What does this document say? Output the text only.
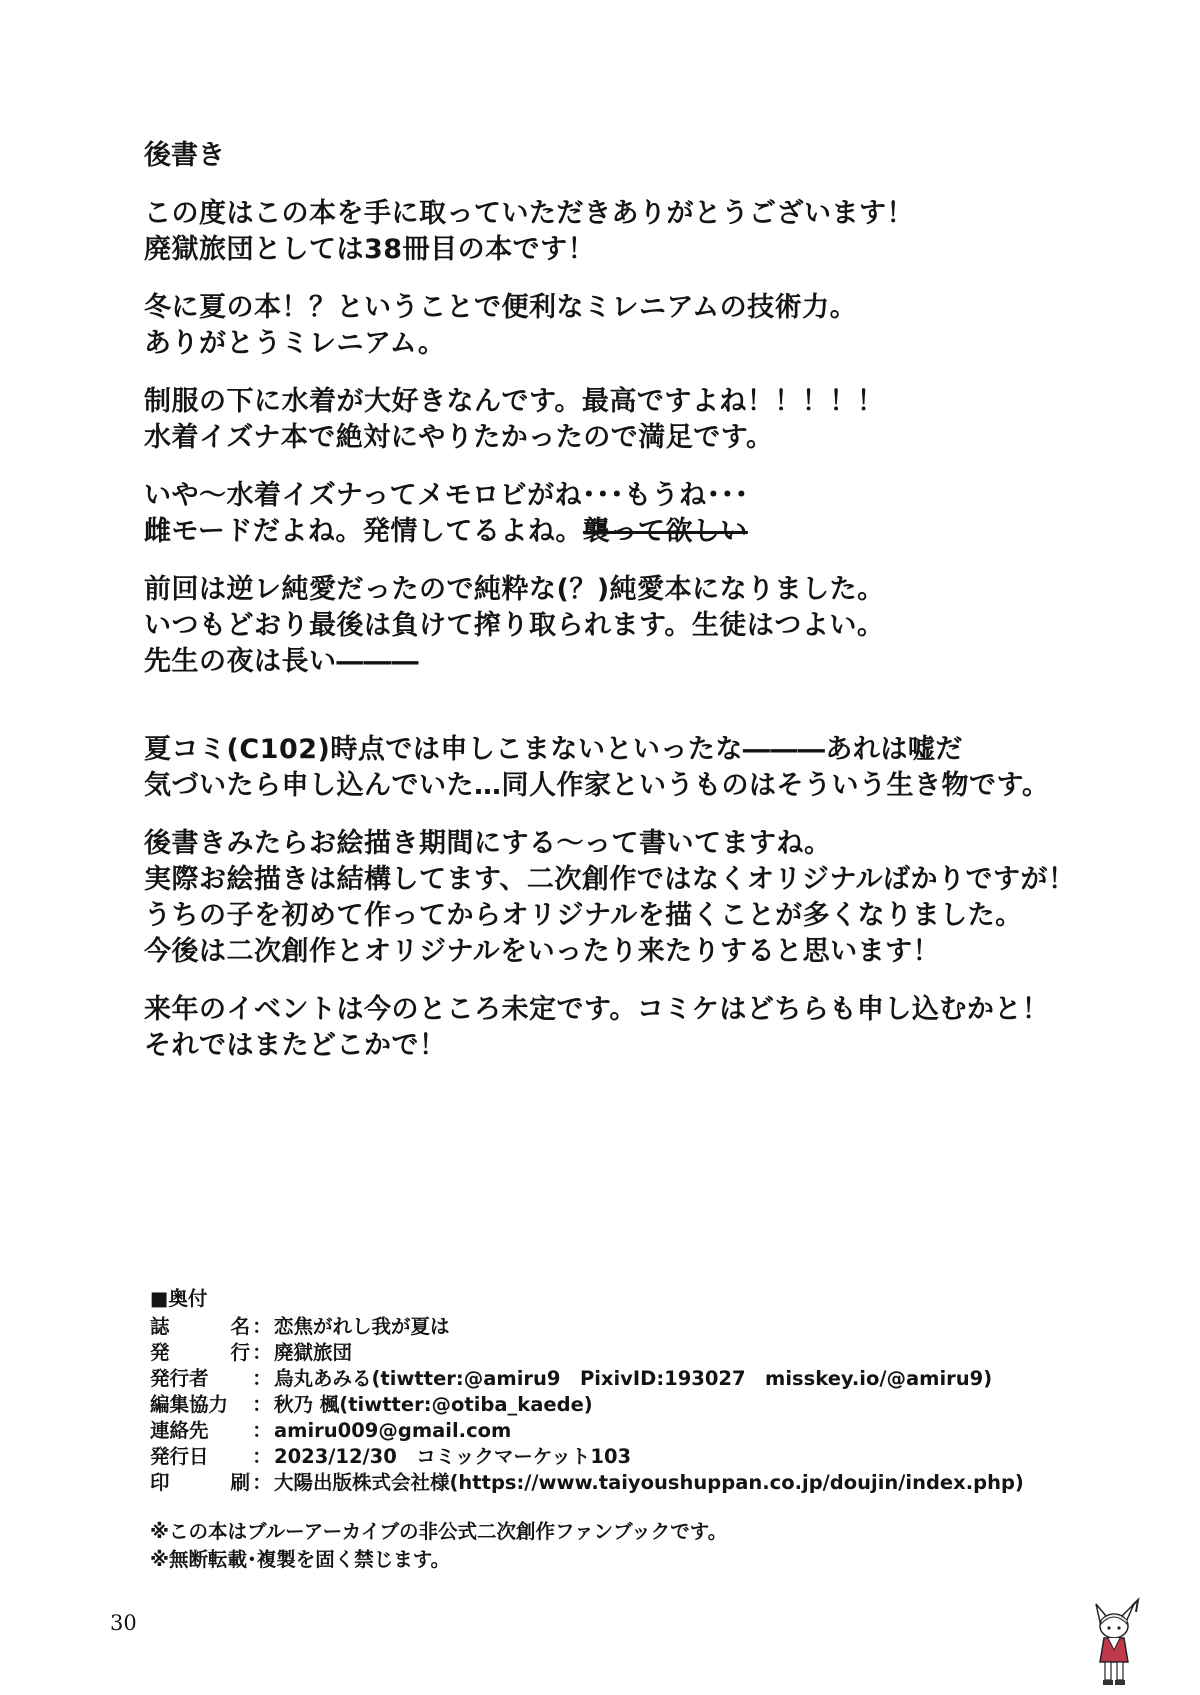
後書き
この度はこの本を手に取っていただきありがとうございます！
廃獄旅団としては38冊目の本です！
冬に夏の本！？ということで便利なミレニアムの技術力。
ありがとうミレニアム。
制服の下に水着が大好きなんです。最高ですよね！！！！！
水着イズナ本で絶対にやりたかったので満足です。
いや～水着イズナってメモロビがね･･･もうね･･･
雌モードだよね。発情してるよね。襲って欲しい
前回は逆レ純愛だったので純粋な(？)純愛本になりました。
いつもどおり最後は負けて搾り取られます。生徒はつよい。
先生の夜は長い―――
夏コミ(C102)時点では申しこまないといったな―――あれは嘘だ
気づいたら申し込んでいた…同人作家というものはそういう生き物です。
後書きみたらお絵描き期間にする～って書いてますね。
実際お絵描きは結構してます、二次創作ではなくオリジナルばかりですが！
うちの子を初めて作ってからオリジナルを描くことが多くなりました。
今後は二次創作とオリジナルをいったり来たりすると思います！
来年のイベントは今のところ未定です。コミケはどちらも申し込むかと！
それではまたどこかで！
■奥付
誌	名 ： 恋焦がれし我が夏は
発	行 ： 廃獄旅団
発行者	： 烏丸あみる(tiwtter:@amiru9　PixivID:193027　misskey.io/@amiru9)
編集協力	： 秋乃 楓(tiwtter:@otiba_kaede)
連絡先	： amiru009@gmail.com
発行日	： 2023/12/30　コミックマーケット103
印	刷 ： 大陽出版株式会社様(https://www.taiyoushuppan.co.jp/doujin/index.php)
※この本はブルーアーカイブの非公式二次創作ファンブックです。
※無断転載･複製を固く禁じます。
30
